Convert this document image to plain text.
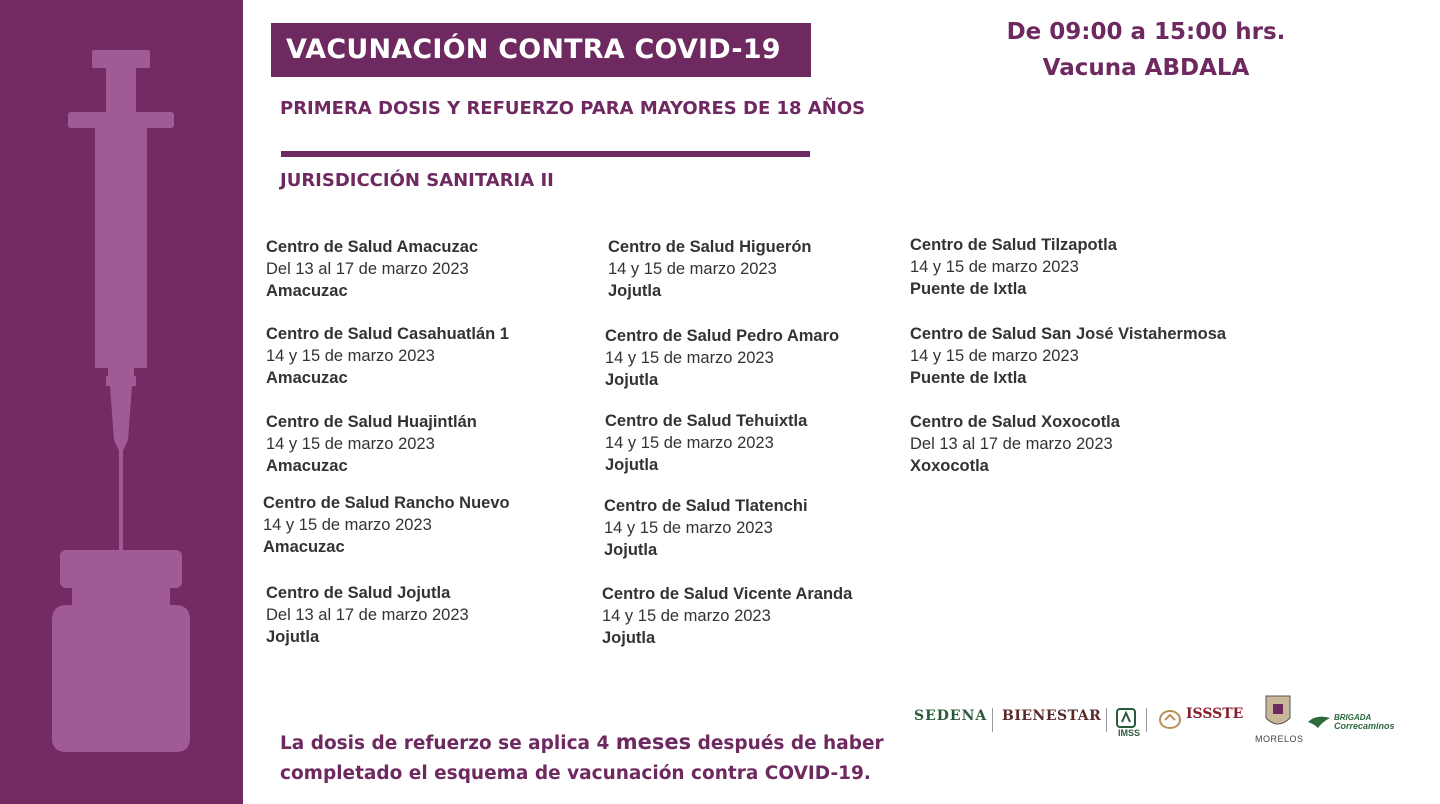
VACUNACIÓN CONTRA COVID-19
PRIMERA DOSIS Y REFUERZO PARA MAYORES DE 18 AÑOS
JURISDICCIÓN SANITARIA II
De 09:00 a 15:00 hrs.
Vacuna ABDALA
Centro de Salud Amacuzac
Del 13 al 17 de marzo 2023
Amacuzac
Centro de Salud Casahuatlán 1
14 y 15 de marzo 2023
Amacuzac
Centro de Salud Huajintlán
14 y 15 de marzo 2023
Amacuzac
Centro de Salud Rancho Nuevo
14 y 15 de marzo 2023
Amacuzac
Centro de Salud Jojutla
Del 13 al 17 de marzo 2023
Jojutla
Centro de Salud Higuerón
14 y 15 de marzo 2023
Jojutla
Centro de Salud Pedro Amaro
14 y 15 de marzo 2023
Jojutla
Centro de Salud Tehuixtla
14 y 15 de marzo 2023
Jojutla
Centro de Salud Tlatenchi
14 y 15 de marzo 2023
Jojutla
Centro de Salud Vicente Aranda
14 y 15 de marzo 2023
Jojutla
Centro de Salud Tilzapotla
14 y 15 de marzo 2023
Puente de Ixtla
Centro de Salud San José Vistahermosa
14 y 15 de marzo 2023
Puente de Ixtla
Centro de Salud Xoxocotla
Del 13 al 17 de marzo 2023
Xoxocotla
La dosis de refuerzo se aplica 4 meses después de haber
completado el esquema de vacunación contra COVID-19.
SEDENA BIENESTAR
IMSS
ISSSTE
MORELOS
BRIGADA
Correcaminos
